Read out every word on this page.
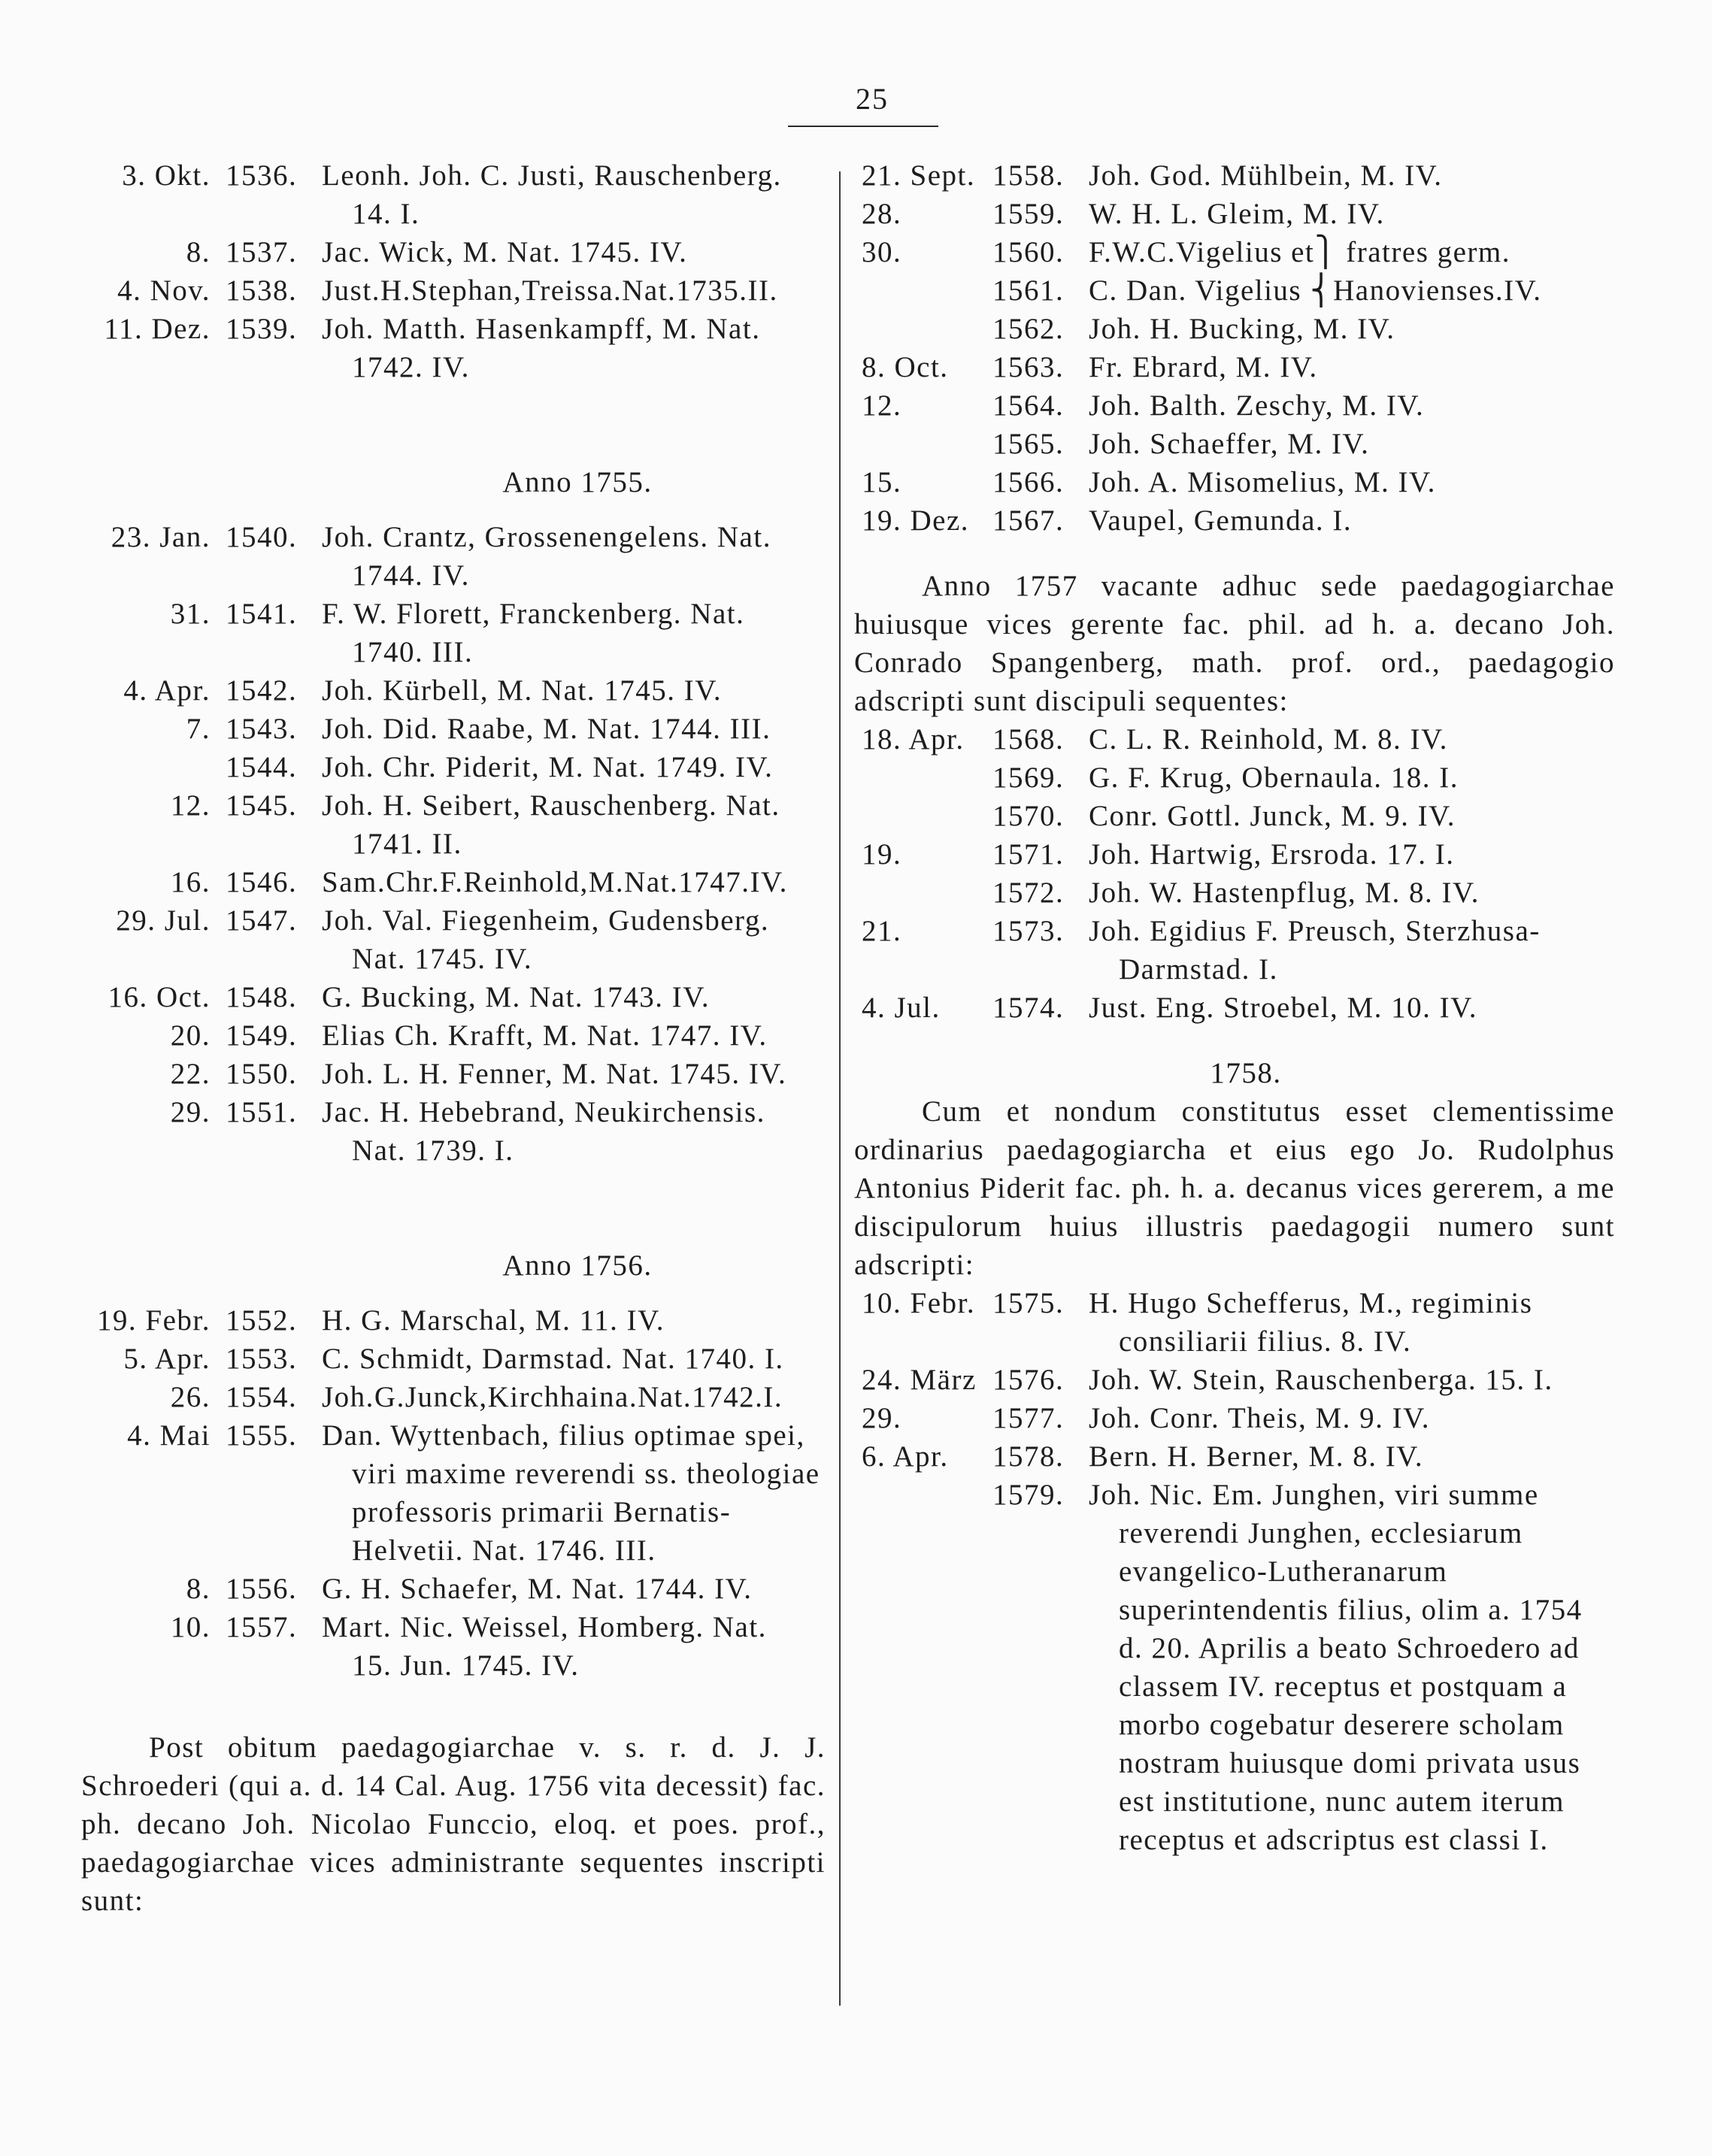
25
3. Okt. 1536. Leonh. Joh. C. Justi, Rauschenberg.
14. I.
8. 1537. Jac. Wick, M. Nat. 1745. IV.
4. Nov. 1538. Just.H.Stephan,Treissa.Nat.1735.II.
11. Dez. 1539. Joh. Matth. Hasenkampff, M. Nat.
1742. IV.

Anno 1755.

23. Jan. 1540. Joh. Crantz, Grossenengelens. Nat.
1744. IV.
31. 1541. F. W. Florett, Franckenberg. Nat.
1740. III.
4. Apr. 1542. Joh. Kürbell, M. Nat. 1745. IV.
7. 1543. Joh. Did. Raabe, M. Nat. 1744. III.
1544. Joh. Chr. Piderit, M. Nat. 1749. IV.
12. 1545. Joh. H. Seibert, Rauschenberg. Nat.
1741. II.
16. 1546. Sam.Chr.F.Reinhold,M.Nat.1747.IV.
29. Jul. 1547. Joh. Val. Fiegenheim, Gudensberg.
Nat. 1745. IV.
16. Oct. 1548. G. Bucking, M. Nat. 1743. IV.
20. 1549. Elias Ch. Krafft, M. Nat. 1747. IV.
22. 1550. Joh. L. H. Fenner, M. Nat. 1745. IV.
29. 1551. Jac. H. Hebebrand, Neukirchensis.
Nat. 1739. I.

Anno 1756.

19. Febr. 1552. H. G. Marschal, M. 11. IV.
5. Apr. 1553. C. Schmidt, Darmstad. Nat. 1740. I.
26. 1554. Joh.G.Junck,Kirchhaina.Nat.1742.I.
4. Mai 1555. Dan. Wyttenbach, filius optimae spei,
viri maxime reverendi ss. theologiae professoris primarii Bernatis-Helvetii. Nat. 1746. III.
8. 1556. G. H. Schaefer, M. Nat. 1744. IV.
10. 1557. Mart. Nic. Weissel, Homberg. Nat.
15. Jun. 1745. IV.

Post obitum paedagogiarchae v. s. r. d. J. J. Schroederi (qui a. d. 14 Cal. Aug. 1756 vita decessit) fac. ph. decano Joh. Nicolao Funccio, eloq. et poes. prof., paedagogiarchae vices administrante sequentes inscripti sunt:

21. Sept. 1558. Joh. God. Mühlbein, M. IV.
28.	1559. W. H. L. Gleim, M. IV.
30.	1560. F.W.C.Vigelius et⎫ fratres germ.
1561. C. Dan. Vigelius ⎨Hanovienses.IV.
1562. Joh. H. Bucking, M. IV.
8. Oct.	1563. Fr. Ebrard, M. IV.
12.	1564. Joh. Balth. Zeschy, M. IV.
1565. Joh. Schaeffer, M. IV.
15.	1566. Joh. A. Misomelius, M. IV.
19. Dez. 1567. Vaupel, Gemunda. I.

Anno 1757 vacante adhuc sede paedagogiarchae huiusque vices gerente fac. phil. ad h. a. decano Joh. Conrado Spangenberg, math. prof. ord., paedagogio adscripti sunt discipuli sequentes:

18. Apr. 1568. C. L. R. Reinhold, M. 8. IV.
1569. G. F. Krug, Obernaula. 18. I.
1570. Conr. Gottl. Junck, M. 9. IV.
19.	1571. Joh. Hartwig, Ersroda. 17. I.
1572. Joh. W. Hastenpflug, M. 8. IV.
21.	1573. Joh. Egidius F. Preusch, Sterzhusa-
Darmstad. I.
4. Jul.	1574. Just. Eng. Stroebel, M. 10. IV.

1758.

Cum et nondum constitutus esset clementissime ordinarius paedagogiarcha et eius ego Jo. Rudolphus Antonius Piderit fac. ph. h. a. decanus vices gererem, a me discipulorum huius illustris paedagogii numero sunt adscripti:

10. Febr. 1575. H. Hugo Schefferus, M., regiminis
consiliarii filius. 8. IV.
24. März 1576. Joh. W. Stein, Rauschenberga. 15. I.
29.	1577. Joh. Conr. Theis, M. 9. IV.
6. Apr.	1578. Bern. H. Berner, M. 8. IV.
1579. Joh. Nic. Em. Junghen, viri summe
reverendi Junghen, ecclesiarum evangelico-Lutheranarum superintendentis filius, olim a. 1754 d. 20. Aprilis a beato Schroedero ad classem IV. receptus et postquam a morbo cogebatur deserere scholam nostram huiusque domi privata usus est institutione, nunc autem iterum receptus et adscriptus est classi I.
